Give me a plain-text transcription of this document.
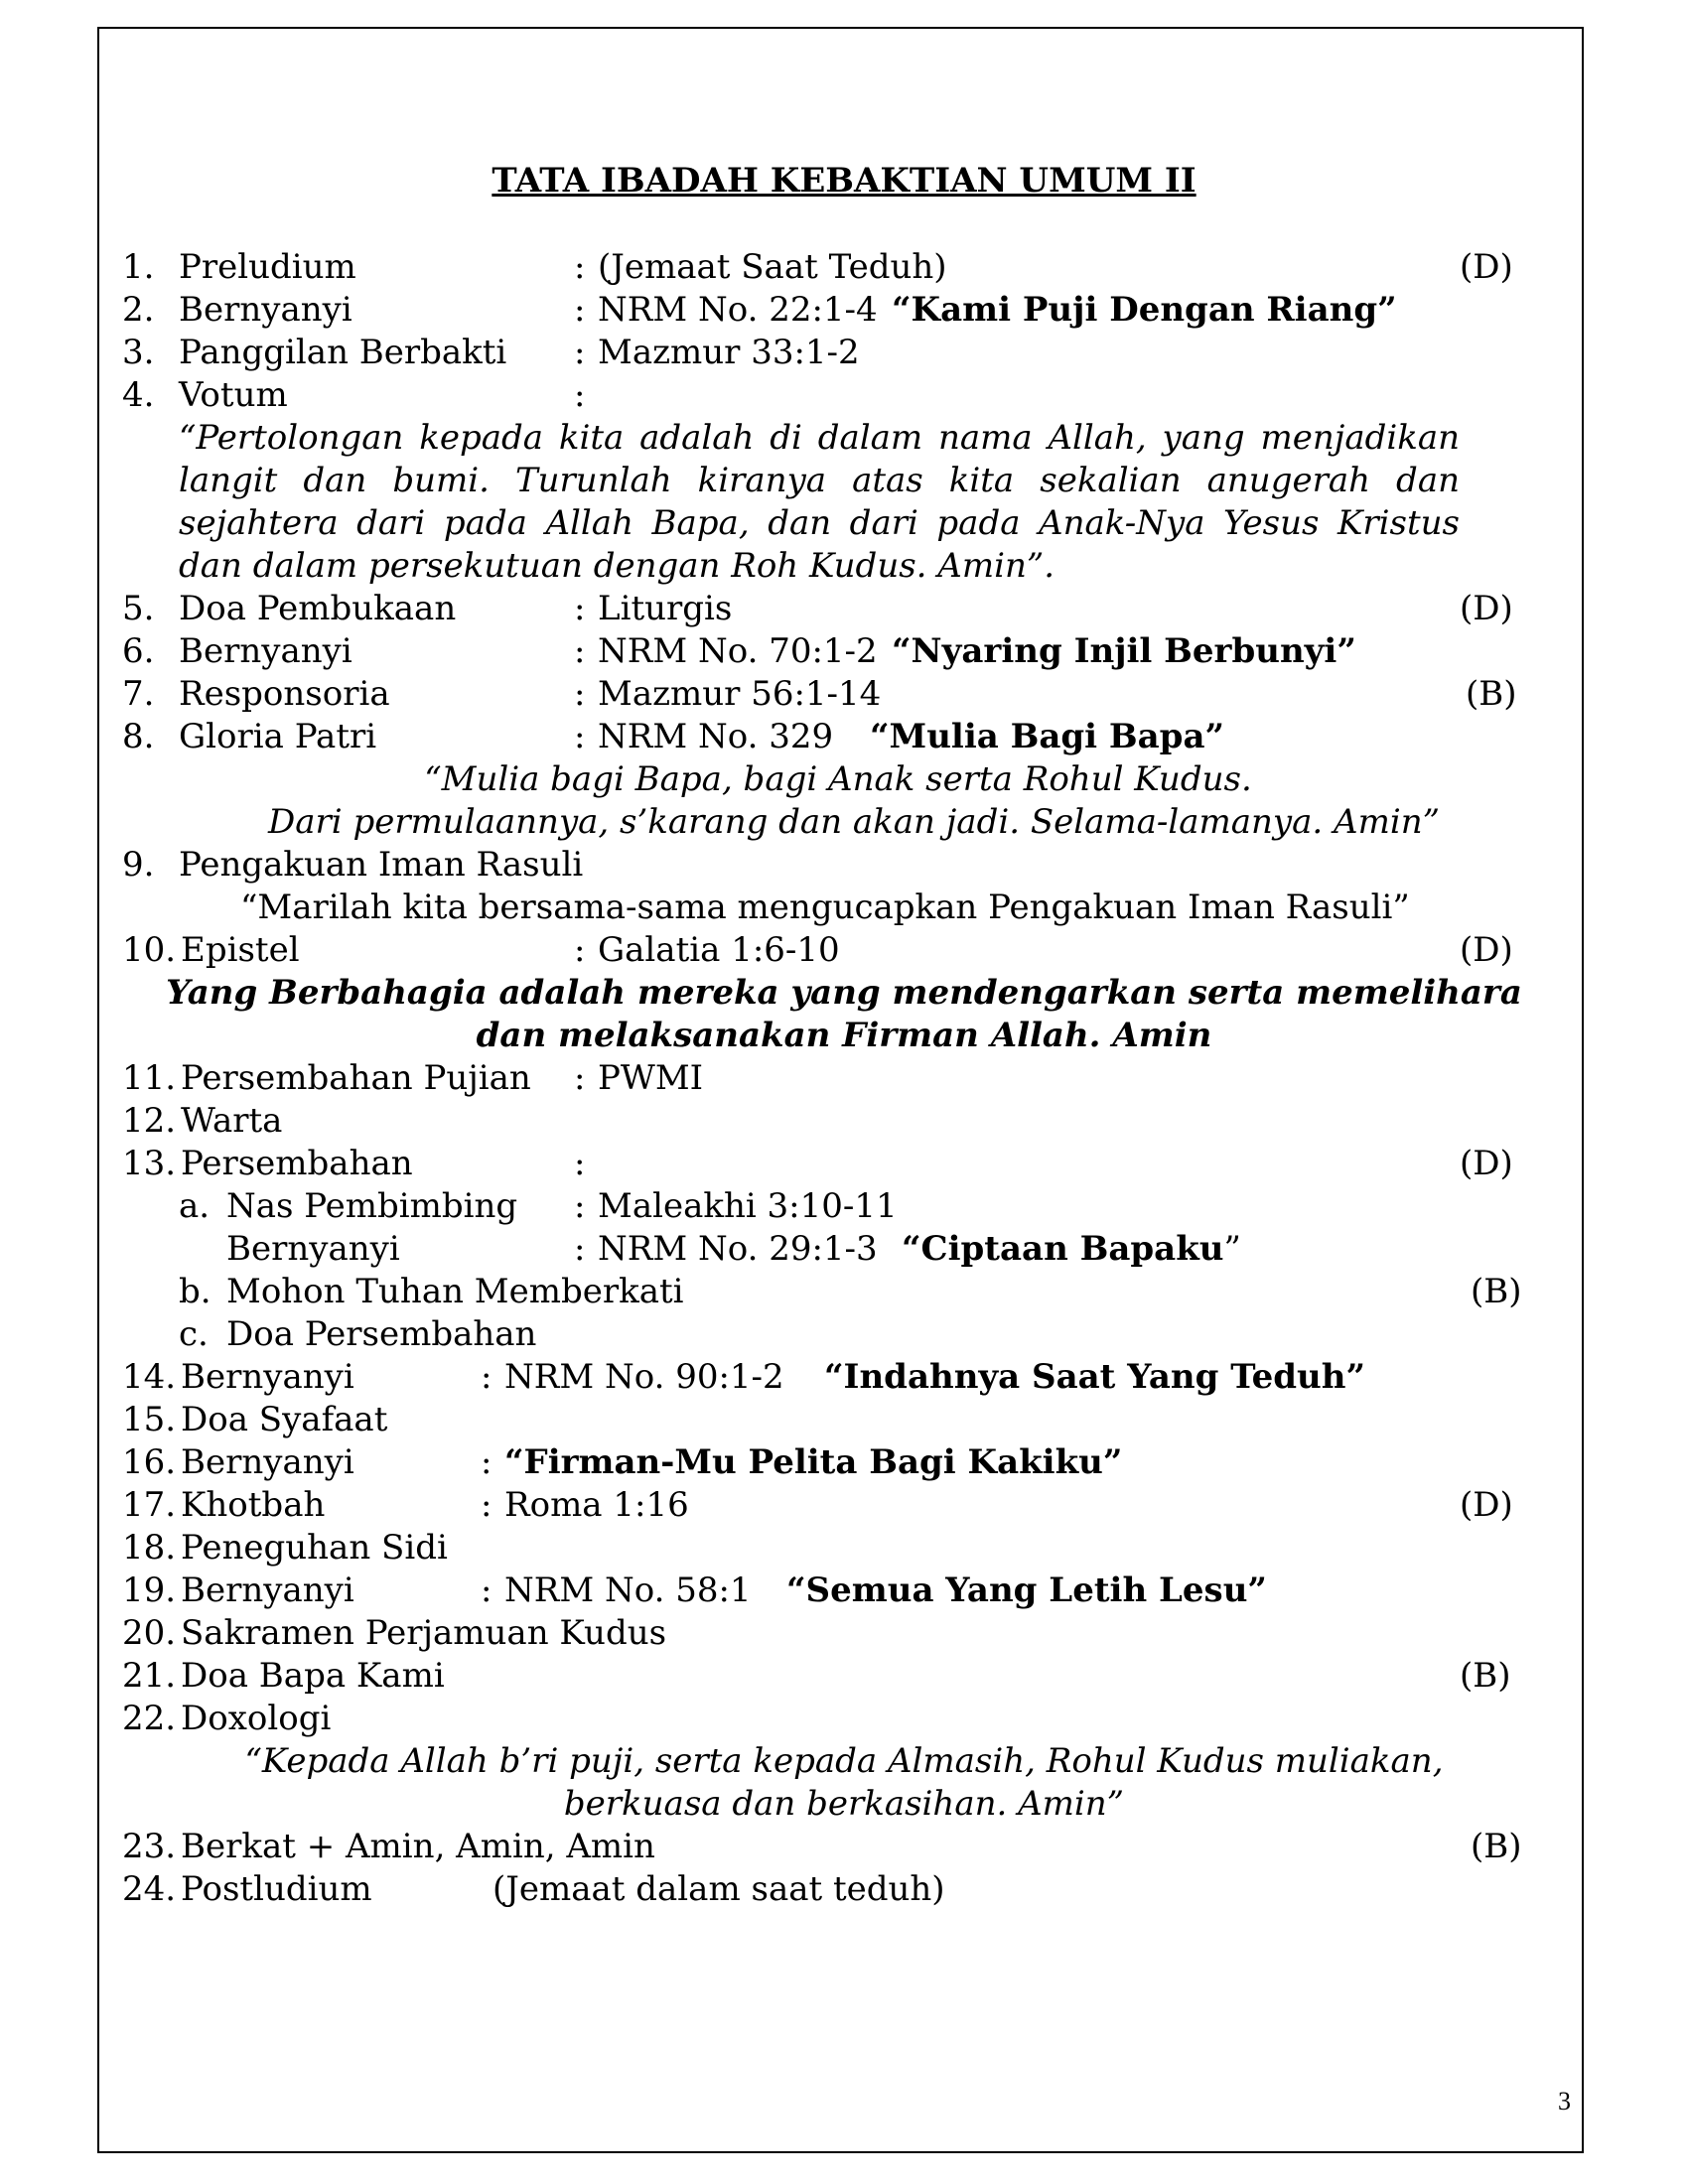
TATA IBADAH KEBAKTIAN UMUM II
1. Preludium	: (Jemaat Saat Teduh)	(D)
2. Bernyanyi	: NRM No. 22:1-4 “Kami Puji Dengan Riang”
3. Panggilan Berbakti : Mazmur 33:1-2
4. Votum	:
“Pertolongan kepada kita adalah di dalam nama Allah, yang menjadikan
langit dan bumi. Turunlah kiranya atas kita sekalian anugerah dan
sejahtera dari pada Allah Bapa, dan dari pada Anak-Nya Yesus Kristus
dan dalam persekutuan dengan Roh Kudus. Amin”.
5. Doa Pembukaan	: Liturgis	(D)
6. Bernyanyi	: NRM No. 70:1-2 “Nyaring Injil Berbunyi”
7. Responsoria	: Mazmur 56:1-14	(B)
8. Gloria Patri	: NRM No. 329 “Mulia Bagi Bapa”
“Mulia bagi Bapa, bagi Anak serta Rohul Kudus.
Dari permulaannya, s’karang dan akan jadi. Selama-lamanya. Amin”
9. Pengakuan Iman Rasuli
“Marilah kita bersama-sama mengucapkan Pengakuan Iman Rasuli”
10. Epistel	: Galatia 1:6-10	(D)
Yang Berbahagia adalah mereka yang mendengarkan serta memelihara
dan melaksanakan Firman Allah. Amin
11. Persembahan Pujian : PWMI
12. Warta
13. Persembahan	:	(D)
a. Nas Pembimbing : Maleakhi 3:10-11
Bernyanyi	: NRM No. 29:1-3 “Ciptaan Bapaku”
b. Mohon Tuhan Memberkati	(B)
c. Doa Persembahan
14. Bernyanyi	: NRM No. 90:1-2 “Indahnya Saat Yang Teduh”
15. Doa Syafaat
16. Bernyanyi	: “Firman-Mu Pelita Bagi Kakiku”
17. Khotbah	: Roma 1:16	(D)
18. Peneguhan Sidi
19. Bernyanyi	: NRM No. 58:1 “Semua Yang Letih Lesu”
20. Sakramen Perjamuan Kudus
21. Doa Bapa Kami	(B)
22. Doxologi
“Kepada Allah b’ri puji, serta kepada Almasih, Rohul Kudus muliakan,
berkuasa dan berkasihan. Amin”
23. Berkat + Amin, Amin, Amin	(B)
24. Postludium	(Jemaat dalam saat teduh)
3
